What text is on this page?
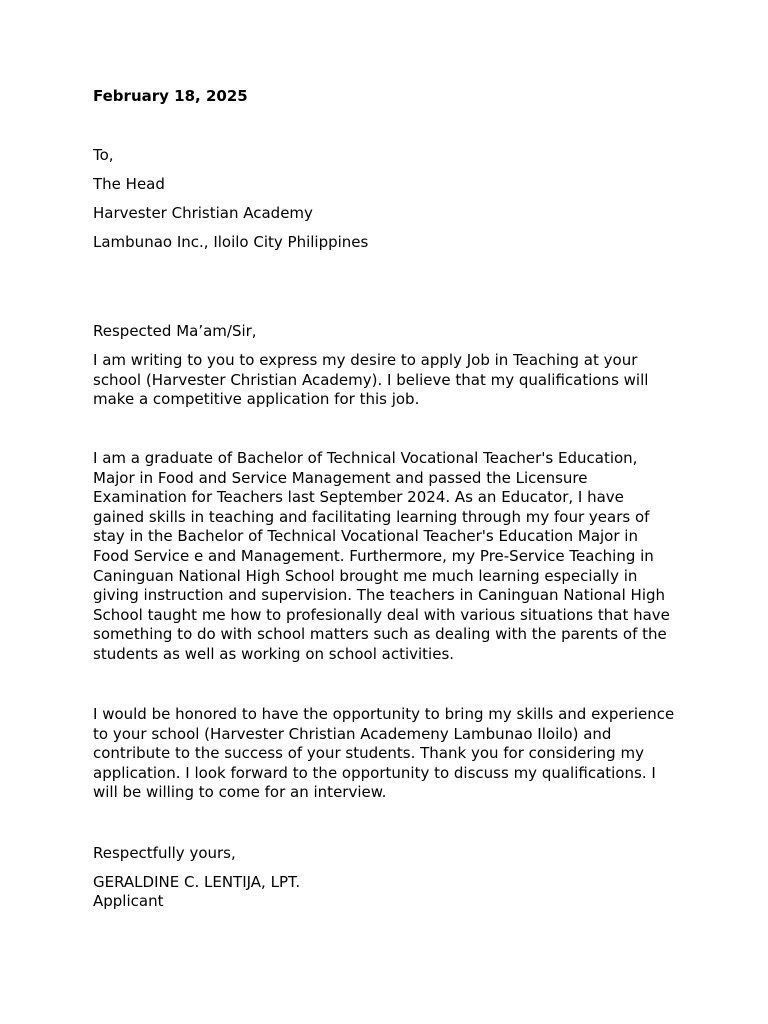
February 18, 2025

To,

The Head

Harvester Christian Academy

Lambunao Inc., Iloilo City Philippines

Respected Ma’am/Sir,

I am writing to you to express my desire to apply Job in Teaching at your school (Harvester Christian Academy). I believe that my qualifications will make a competitive application for this job.

I am a graduate of Bachelor of Technical Vocational Teacher's Education, Major in Food and Service Management and passed the Licensure Examination for Teachers last September 2024. As an Educator, I have gained skills in teaching and facilitating learning through my four years of stay in the Bachelor of Technical Vocational Teacher's Education Major in Food Service e and Management. Furthermore, my Pre-Service Teaching in Caninguan National High School brought me much learning especially in giving instruction and supervision. The teachers in Caninguan National High School taught me how to profesionally deal with various situations that have something to do with school matters such as dealing with the parents of the students as well as working on school activities.

I would be honored to have the opportunity to bring my skills and experience to your school (Harvester Christian Academeny Lambunao Iloilo) and contribute to the success of your students. Thank you for considering my application. I look forward to the opportunity to discuss my qualifications. I will be willing to come for an interview.

Respectfully yours,

GERALDINE C. LENTIJA, LPT.

Applicant
